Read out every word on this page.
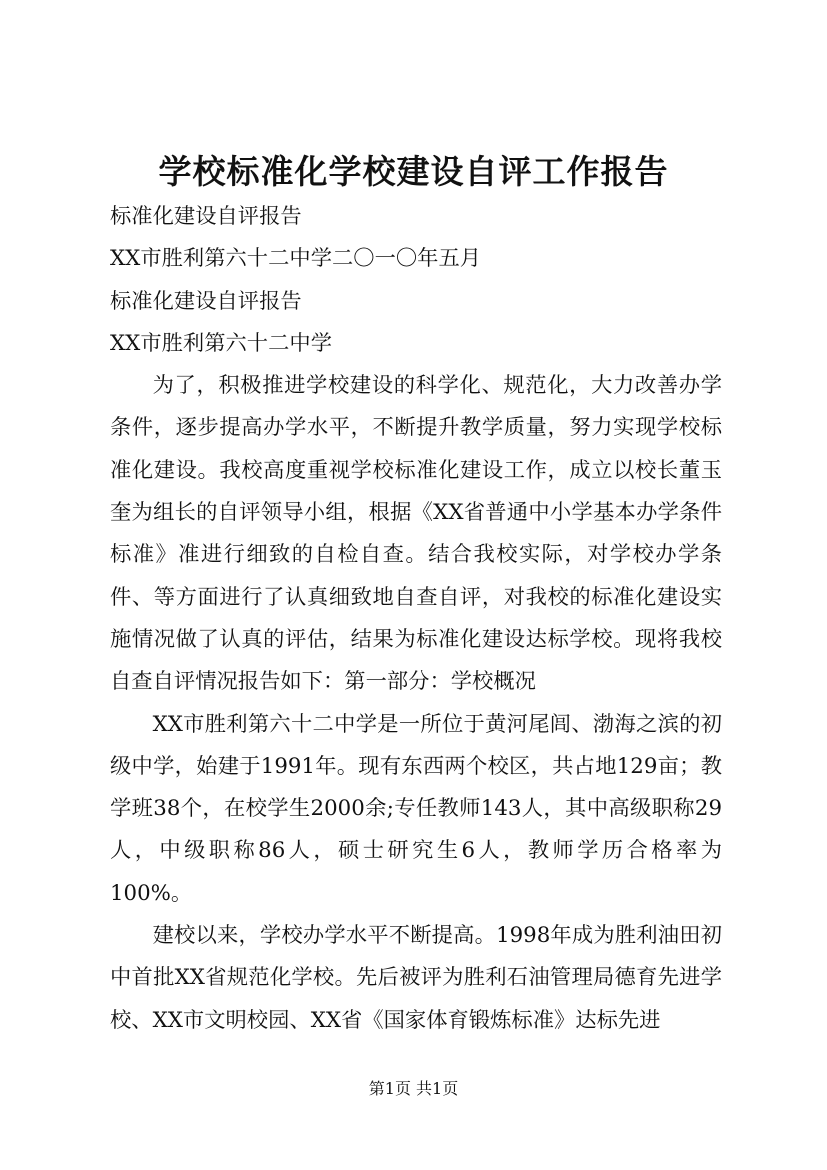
学校标准化学校建设自评工作报告

标准化建设自评报告

XX市胜利第六十二中学二〇一〇年五月

标准化建设自评报告

XX市胜利第六十二中学

为了，积极推进学校建设的科学化、规范化，大力改善办学条件，逐步提高办学水平，不断提升教学质量，努力实现学校标准化建设。我校高度重视学校标准化建设工作，成立以校长董玉奎为组长的自评领导小组，根据《XX省普通中小学基本办学条件标准》准进行细致的自检自查。结合我校实际，对学校办学条件、等方面进行了认真细致地自查自评，对我校的标准化建设实施情况做了认真的评估，结果为标准化建设达标学校。现将我校自查自评情况报告如下：第一部分：学校概况

XX市胜利第六十二中学是一所位于黄河尾闾、渤海之滨的初级中学，始建于1991年。现有东西两个校区，共占地129亩；教学班38个，在校学生2000余;专任教师143人，其中高级职称29人，中级职称86人，硕士研究生6人，教师学历合格率为100%。

建校以来，学校办学水平不断提高。1998年成为胜利油田初中首批XX省规范化学校。先后被评为胜利石油管理局德育先进学校、XX市文明校园、XX省《国家体育锻炼标准》达标先进

第1页 共1页
